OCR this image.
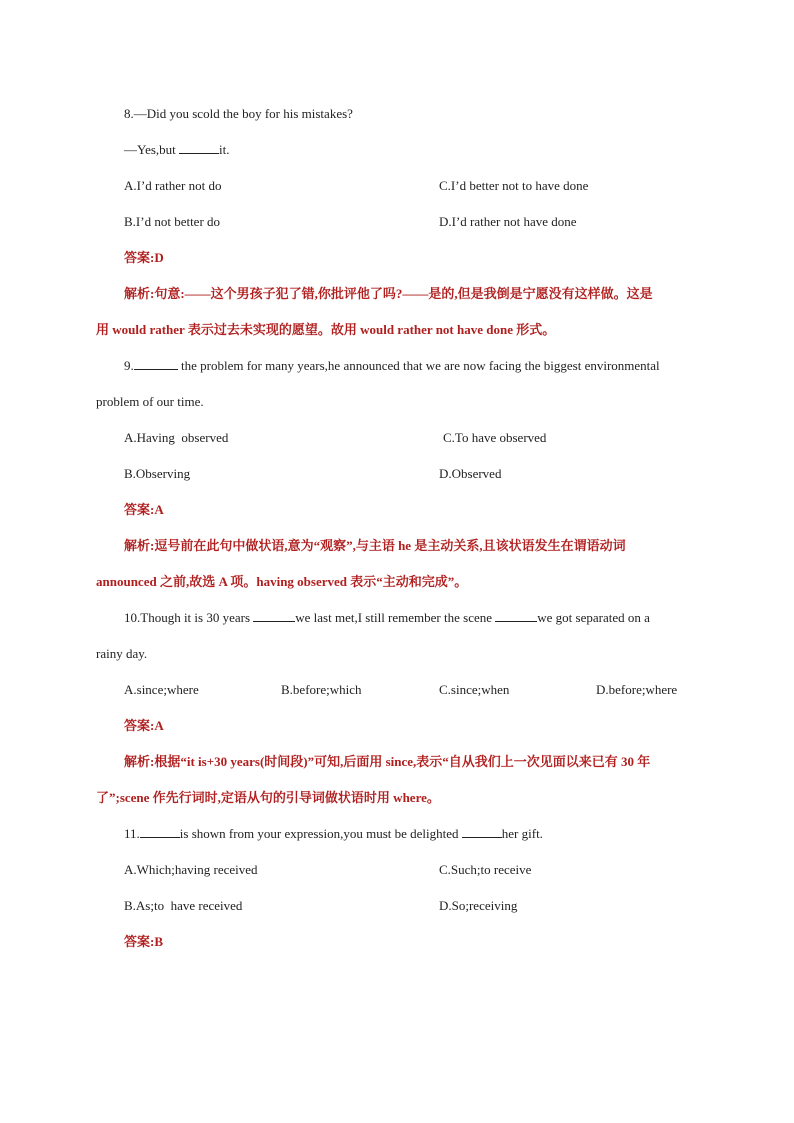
8.—Did you scold the boy for his mistakes?
—Yes,but	it.
A.I’d rather not do	C.I’d better not to have done
B.I’d not better do	D.I’d rather not have done
答案:D
解析:句意:——这个男孩子犯了错,你批评他了吗?——是的,但是我倒是宁愿没有这样做。这是
用 would rather 表示过去未实现的愿望。故用 would rather not have done 形式。
9.	the problem for many years,he announced that we are now facing the biggest environmental
problem of our time.
A.Having  observed	C.To have observed
B.Observing	D.Observed
答案:A
解析:逗号前在此句中做状语,意为“观察”,与主语 he 是主动关系,且该状语发生在谓语动词
announced 之前,故选 A 项。having observed 表示“主动和完成”。
10.Though it is 30 years	we last met,I still remember the scene	we got separated on a
rainy day.
A.since;where	B.before;which	C.since;when	D.before;where
答案:A
解析:根据“it is+30 years(时间段)”可知,后面用 since,表示“自从我们上一次见面以来已有 30 年
了”;scene 作先行词时,定语从句的引导词做状语时用 where。
11.	is shown from your expression,you must be delighted	her gift.
A.Which;having received	C.Such;to receive
B.As;to  have received	D.So;receiving
答案:B
